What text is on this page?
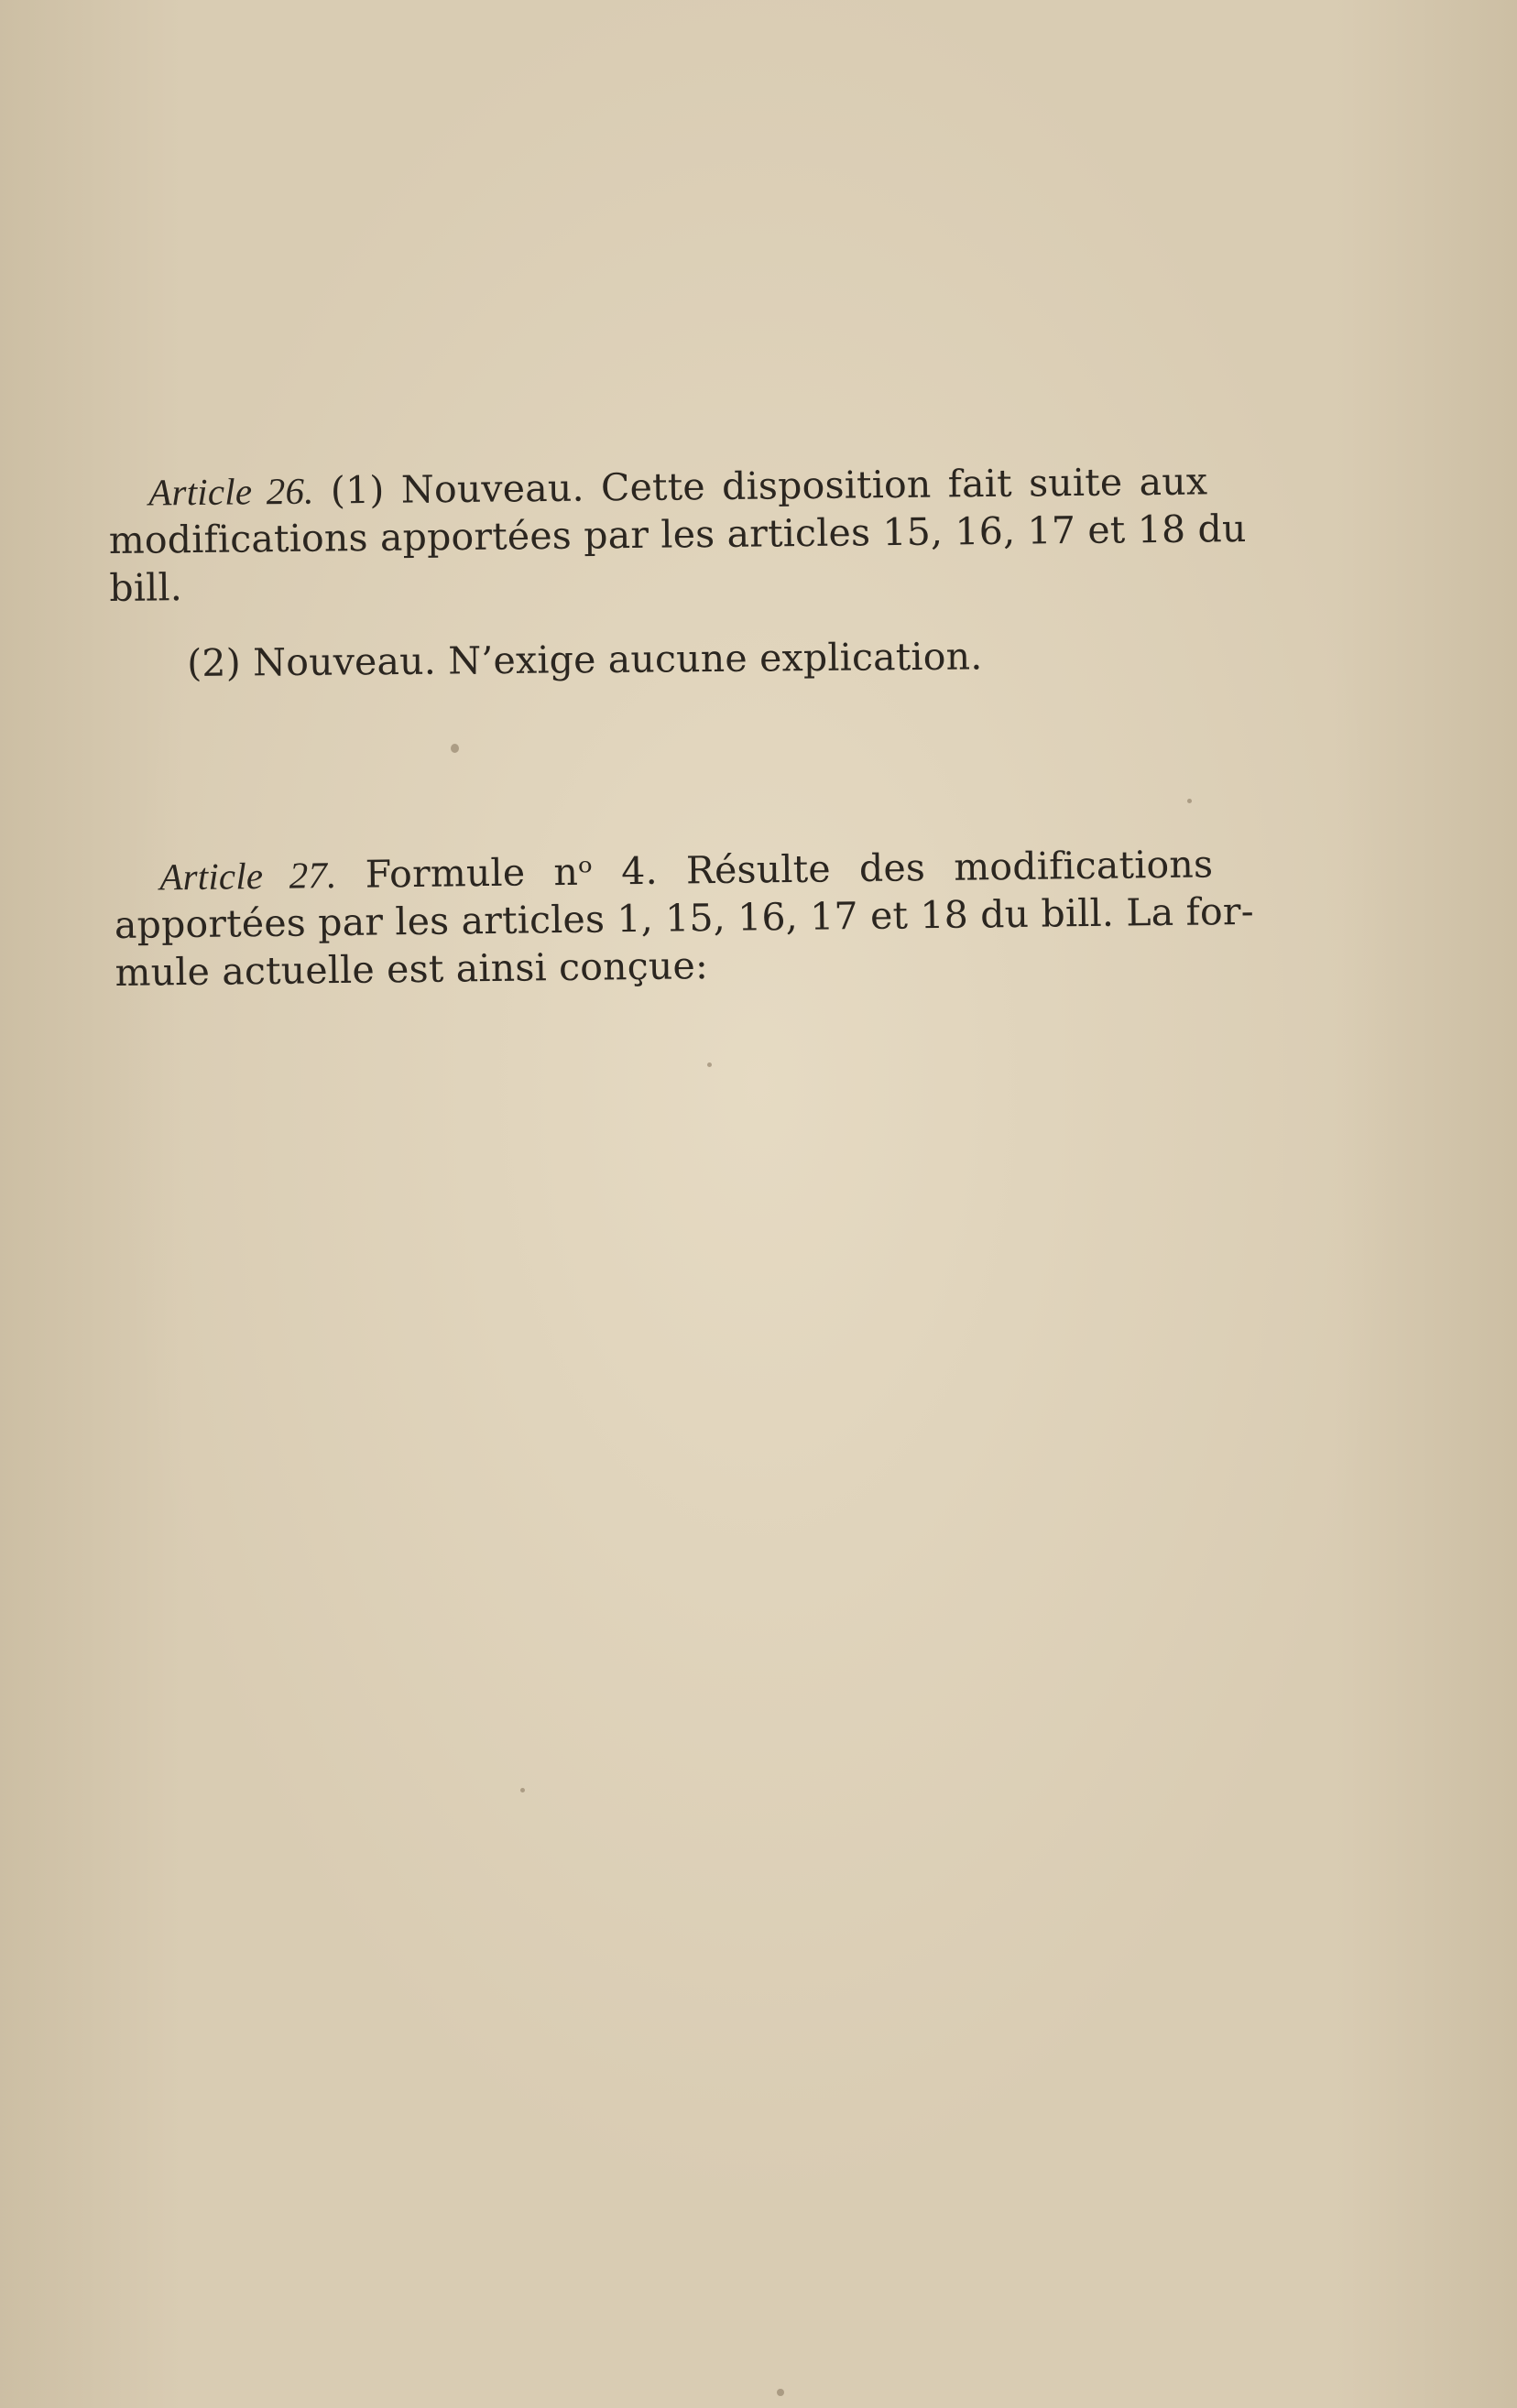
Article 26. (1) Nouveau. Cette disposition fait suite aux
modifications apportées par les articles 15, 16, 17 et 18 du
bill.

(2) Nouveau. N’exige aucune explication.

Article 27. Formule nᵒ 4. Résulte des modifications
apportées par les articles 1, 15, 16, 17 et 18 du bill. La for-
mule actuelle est ainsi conçue:
